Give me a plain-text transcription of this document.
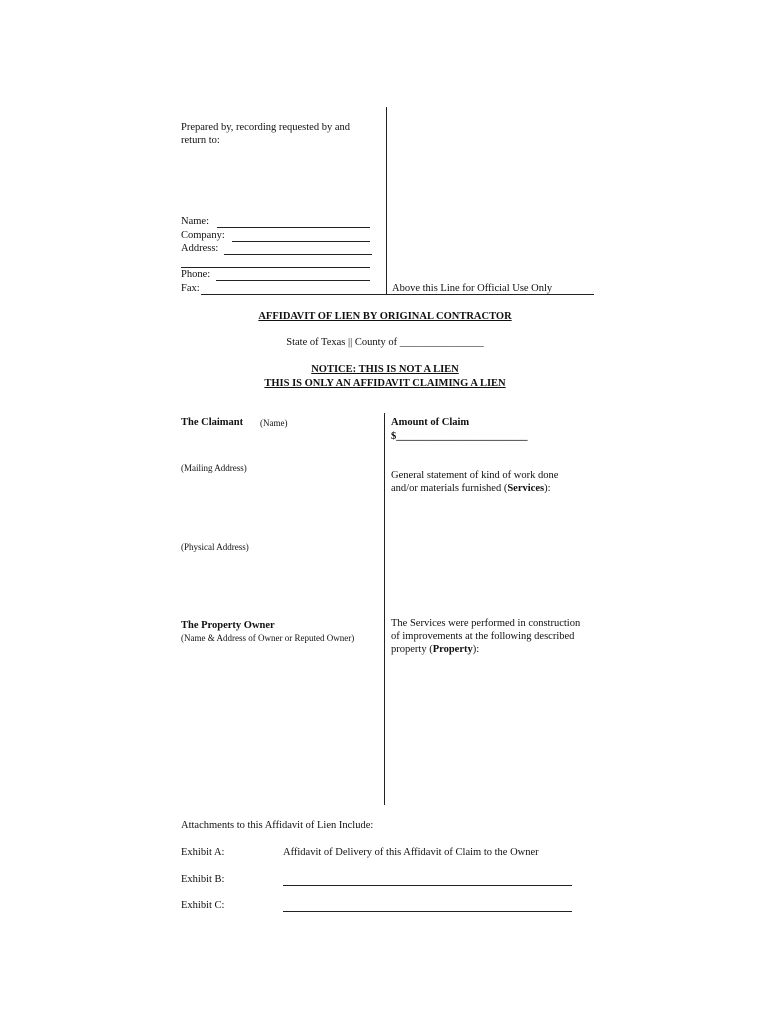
Prepared by, recording requested by and return to:
Name:
Company:
Address:
Phone:
Fax:	Above this Line for Official Use Only
AFFIDAVIT OF LIEN BY ORIGINAL CONTRACTOR
State of Texas || County of ________________
NOTICE: THIS IS NOT A LIEN
THIS IS ONLY AN AFFIDAVIT CLAIMING A LIEN
The Claimant (Name)
(Mailing Address)
(Physical Address)
The Property Owner
(Name & Address of Owner or Reputed Owner)
Amount of Claim
$_________________________
General statement of kind of work done and/or materials furnished (Services):
The Services were performed in construction of improvements at the following described property (Property):
Attachments to this Affidavit of Lien Include:
Exhibit A:	Affidavit of Delivery of this Affidavit of Claim to the Owner
Exhibit B:
Exhibit C:
